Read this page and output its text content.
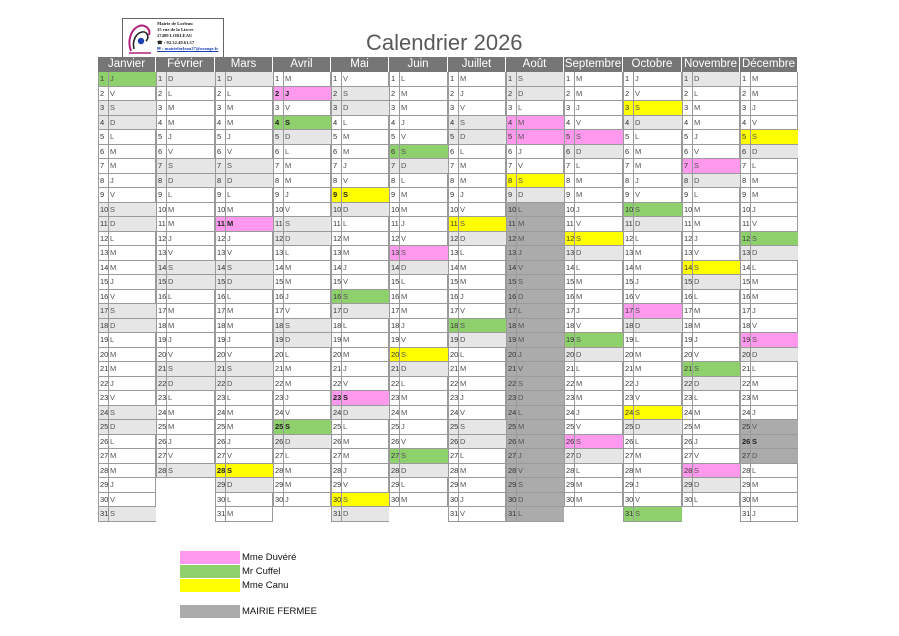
Mairie de Lorleau
15 rue de la Liecre
27480 LORLEAU
☎ : 02.32.49.61.57
✉ : mairielorleau27@orange.fr	Calendrier 2026
Janvier
1 J
2 V
3 S
4 D
5 L
6 M
7 M
8 J
9 V
10 S
11 D
12 L
13 M
14 M
15 J
16 V
17 S
18 D
19 L
20 M
21 M
22 J
23 V
24 S
25 D
26 L
27 M
28 M
29 J
30 V
31 S
Février
1 D
2 L
3 M
4 M
5 J
6 V
7 S
8 D
9 L
10 M
11 M
12 J
13 V
14 S
15 D
16 L
17 M
18 M
19 J
20 V
21 S
22 D
23 L
24 M
25 M
26 J
27 V
28 S
Mars
1 D
2 L
3 M
4 M
5 J
6 V
7 S
8 D
9 L
10 M
11 M
12 J
13 V
14 S
15 D
16 L
17 M
18 M
19 J
20 V
21 S
22 D
23 L
24 M
25 M
26 J
27 V
28 S
29 D
30 L
31 M
Avril
1 M
2 J
3 V
4 S
5 D
6 L
7 M
8 M
9 J
10 V
11 S
12 D
13 L
14 M
15 M
16 J
17 V
18 S
19 D
20 L
21 M
22 M
23 J
24 V
25 S
26 D
27 L
28 M
29 M
30 J
Mai
1 V
2 S
3 D
4 L
5 M
6 M
7 J
8 V
9 S
10 D
11 L
12 M
13 M
14 J
15 V
16 S
17 D
18 L
19 M
20 M
21 J
22 V
23 S
24 D
25 L
26 M
27 M
28 J
29 V
30 S
31 D
Juin
1 L
2 M
3 M
4 J
5 V
6 S
7 D
8 L
9 M
10 M
11 J
12 V
13 S
14 D
15 L
16 M
17 M
18 J
19 V
20 S
21 D
22 L
23 M
24 M
25 J
26 V
27 S
28 D
29 L
30 M
Juillet
1 M
2 J
3 V
4 S
5 D
6 L
7 M
8 M
9 J
10 V
11 S
12 D
13 L
14 M
15 M
16 J
17 V
18 S
19 D
20 L
21 M
22 M
23 J
24 V
25 S
26 D
27 L
28 M
29 M
30 J
31 V
Août
1 S
2 D
3 L
4 M
5 M
6 J
7 V
8 S
9 D
10 L
11 M
12 M
13 J
14 V
15 S
16 D
17 L
18 M
19 M
20 J
21 V
22 S
23 D
24 L
25 M
26 M
27 J
28 V
29 S
30 D
31 L
Septembre
1 M
2 M
3 J
4 V
5 S
6 D
7 L
8 M
9 M
10 J
11 V
12 S
13 D
14 L
15 M
16 M
17 J
18 V
19 S
20 D
21 L
22 M
23 M
24 J
25 V
26 S
27 D
28 L
29 M
30 M
Octobre
1 J
2 V
3 S
4 D
5 L
6 M
7 M
8 J
9 V
10 S
11 D
12 L
13 M
14 M
15 J
16 V
17 S
18 D
19 L
20 M
21 M
22 J
23 V
24 S
25 D
26 L
27 M
28 M
29 J
30 V
31 S
Novembre
1 D
2 L
3 M
4 M
5 J
6 V
7 S
8 D
9 L
10 M
11 M
12 J
13 V
14 S
15 D
16 L
17 M
18 M
19 J
20 V
21 S
22 D
23 L
24 M
25 M
26 J
27 V
28 S
29 D
30 L
Décembre
1 M
2 M
3 J
4 V
5 S
6 D
7 L
8 M
9 M
10 J
11 V
12 S
13 D
14 L
15 M
16 M
17 J
18 V
19 S
20 D
21 L
22 M
23 M
24 J
25 V
26 S
27 D
28 L
29 M
30 M
31 J
Mme Duvéré
Mr Cuffel
Mme Canu
MAIRIE FERMEE
